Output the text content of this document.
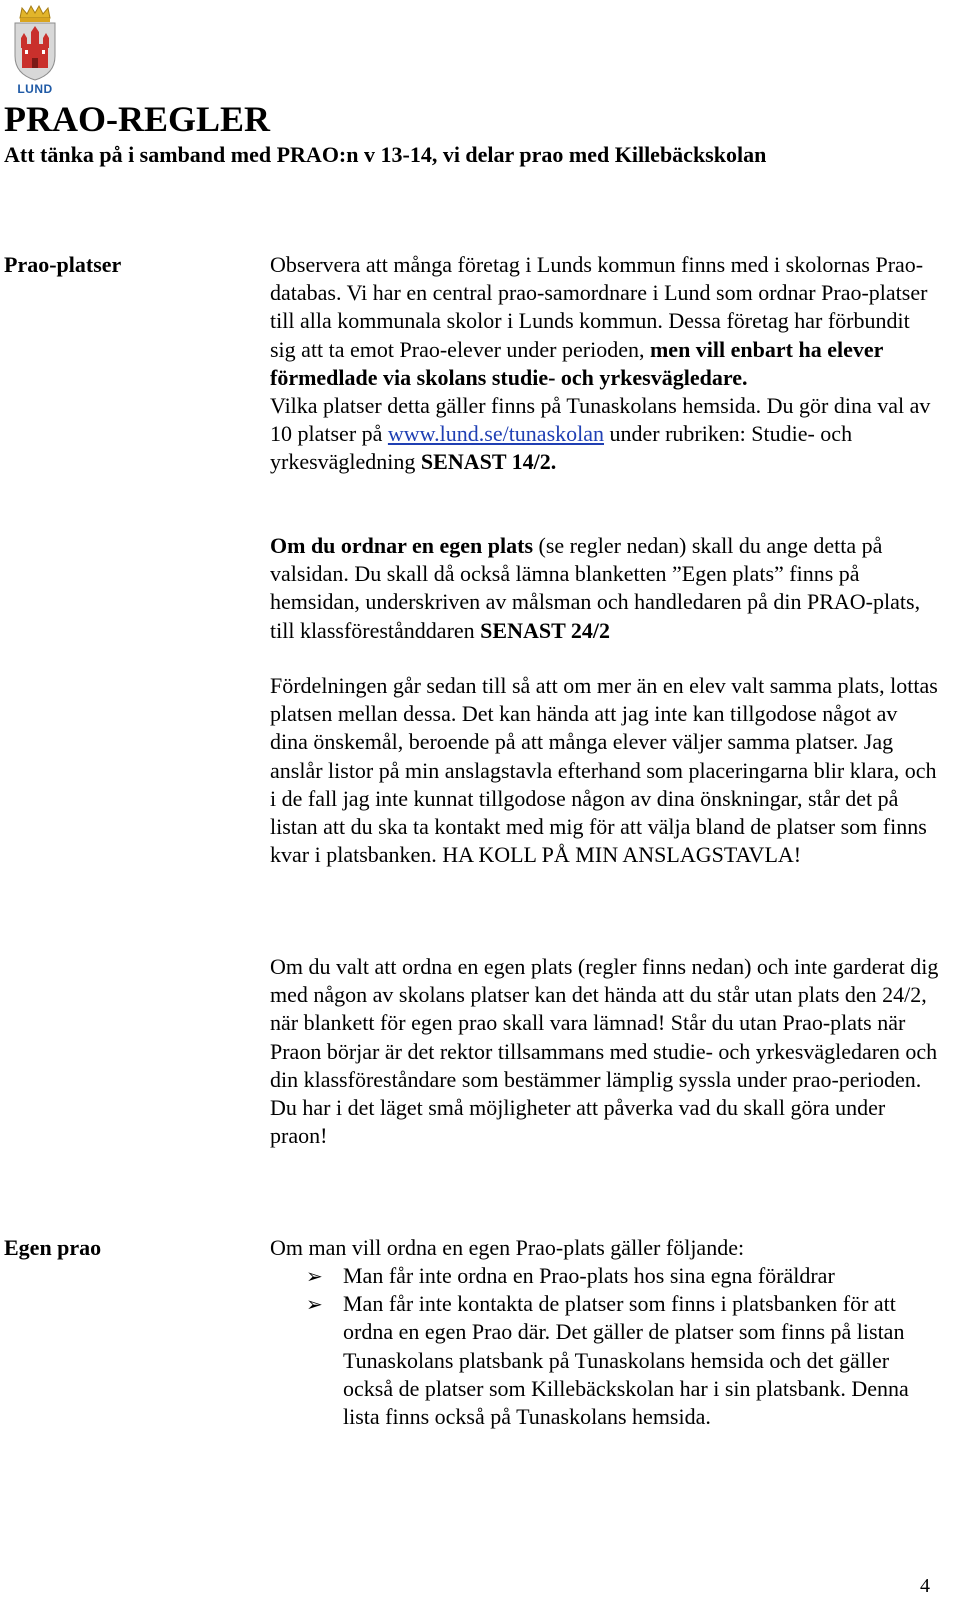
LUND
PRAO-REGLER

Att tänka på i samband med PRAO:n v 13-14, vi delar prao med Killebäckskolan

Prao-platser	Observera att många företag i Lunds kommun finns med i skolornas Prao-databas. Vi har en central prao-samordnare i Lund som ordnar Prao-platser till alla kommunala skolor i Lunds kommun. Dessa företag har förbundit sig att ta emot Prao-elever under perioden, men vill enbart ha elever förmedlade via skolans studie- och yrkesvägledare.
Vilka platser detta gäller finns på Tunaskolans hemsida. Du gör dina val av 10 platser på www.lund.se/tunaskolan under rubriken: Studie- och yrkesvägledning SENAST 14/2.

Om du ordnar en egen plats (se regler nedan) skall du ange detta på valsidan. Du skall då också lämna blanketten ”Egen plats” finns på hemsidan, underskriven av målsman och handledaren på din PRAO-plats, till klassförestånddaren SENAST 24/2

Fördelningen går sedan till så att om mer än en elev valt samma plats, lottas platsen mellan dessa. Det kan hända att jag inte kan tillgodose något av dina önskemål, beroende på att många elever väljer samma platser. Jag anslår listor på min anslagstavla efterhand som placeringarna blir klara, och i de fall jag inte kunnat tillgodose någon av dina önskningar, står det på listan att du ska ta kontakt med mig för att välja bland de platser som finns kvar i platsbanken. HA KOLL PÅ MIN ANSLAGSTAVLA!

Om du valt att ordna en egen plats (regler finns nedan) och inte garderat dig med någon av skolans platser kan det hända att du står utan plats den 24/2, när blankett för egen prao skall vara lämnad! Står du utan Prao-plats när Praon börjar är det rektor tillsammans med studie- och yrkesvägledaren och din klassföreståndare som bestämmer lämplig syssla under prao-perioden. Du har i det läget små möjligheter att påverka vad du skall göra under praon!

Egen prao	Om man vill ordna en egen Prao-plats gäller följande:

➢ Man får inte ordna en Prao-plats hos sina egna föräldrar
➢ Man får inte kontakta de platser som finns i platsbanken för att ordna en egen Prao där. Det gäller de platser som finns på listan Tunaskolans platsbank på Tunaskolans hemsida och det gäller också de platser som Killebäckskolan har i sin platsbank. Denna lista finns också på Tunaskolans hemsida.
4
